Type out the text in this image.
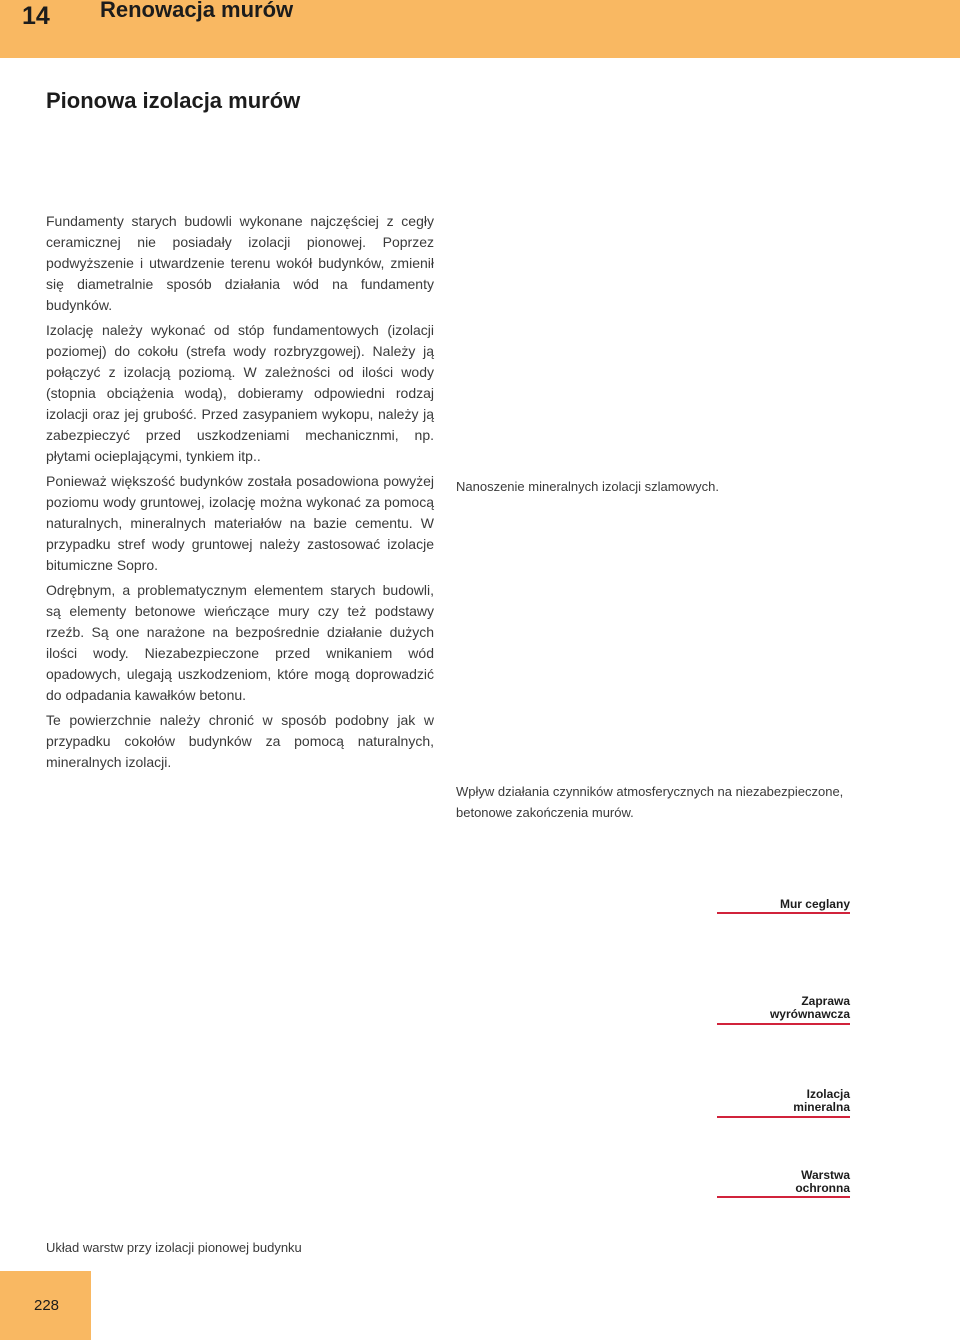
14 Renowacja murów
Pionowa izolacja murów

Fundamenty starych budowli wykonane najczęściej z cegły ceramicznej nie posiadały izolacji pionowej. Poprzez podwyższenie i utwardzenie terenu wokół budynków, zmienił się diametralnie sposób działania wód na fundamenty budynków.

Izolację należy wykonać od stóp fundamentowych (izolacji poziomej) do cokołu (strefa wody rozbryzgowej). Należy ją połączyć z izolacją poziomą. W zależności od ilości wody (stopnia obciążenia wodą), dobieramy odpowiedni rodzaj izolacji oraz jej grubość. Przed zasypaniem wykopu, należy ją zabezpieczyć przed uszkodzeniami mechanicznmi, np. płytami ocieplającymi, tynkiem itp..

Ponieważ większość budynków została posadowiona powyżej poziomu wody gruntowej, izolację można wykonać za pomocą naturalnych, mineralnych materiałów na bazie cementu. W przypadku stref wody gruntowej należy zastosować izolacje bitumiczne Sopro.

Odrębnym, a problematycznym elementem starych budowli, są elementy betonowe wieńczące mury czy też podstawy rzeźb. Są one narażone na bezpośrednie działanie dużych ilości wody. Niezabezpieczone przed wnikaniem wód opadowych, ulegają uszkodzeniom, które mogą doprowadzić do odpadania kawałków betonu.

Te powierzchnie należy chronić w sposób podobny jak w przypadku cokołów budynków za pomocą naturalnych, mineralnych izolacji.

Nanoszenie mineralnych izolacji szlamowych.
Wpływ działania czynników atmosferycznych na niezabezpieczone, betonowe zakończenia murów.
Mur ceglany
Zaprawa
wyrównawcza
Izolacja
mineralna
Warstwa
ochronna
Układ warstw przy izolacji pionowej budynku
228
